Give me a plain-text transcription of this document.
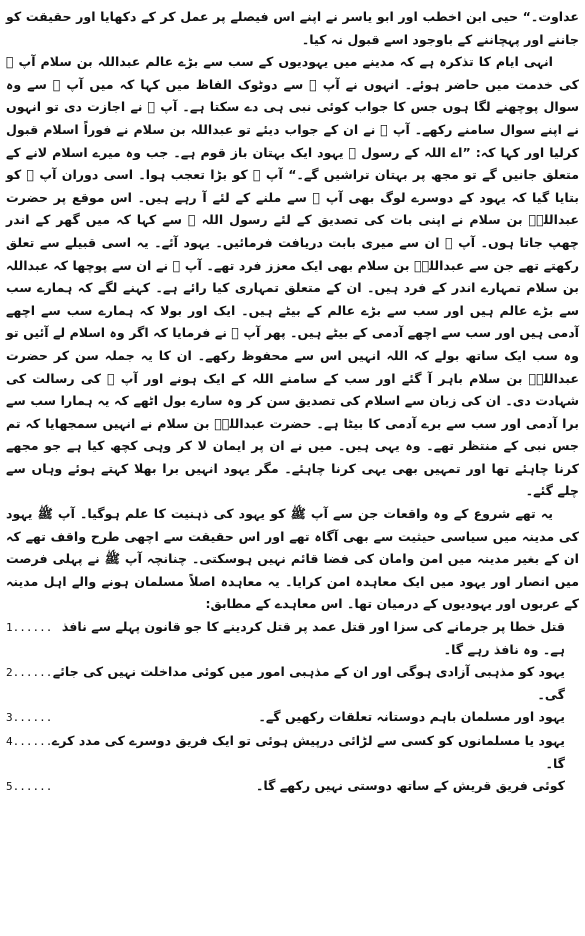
عداوت۔“ حیی ابن اخطب اور ابو یاسر نے اپنے اس فیصلے پر عمل کر کے دکھایا اور حقیقت کو جاننے اور پہچاننے کے باوجود اسے قبول نہ کیا۔

انہی ایام کا تذکرہ ہے کہ مدینے میں یہودیوں کے سب سے بڑے عالم عبداللہ بن سلام آپ ﷺ کی خدمت میں حاضر ہوئے۔ انہوں نے آپ ﷺ سے دوٹوک الفاظ میں کہا کہ میں آپ ﷺ سے وہ سوال پوچھنے لگا ہوں جس کا جواب کوئی نبی ہی دے سکتا ہے۔ آپ ﷺ نے اجازت دی تو انہوں نے اپنے سوال سامنے رکھے۔ آپ ﷺ نے ان کے جواب دیئے تو عبداللہ بن سلام نے فوراً اسلام قبول کرلیا اور کہا کہ: ”اے اللہ کے رسول ﷺ یہود ایک بہتان باز قوم ہے۔ جب وہ میرے اسلام لانے کے متعلق جانیں گے تو مجھ پر بہتان تراشیں گے۔“ آپ ﷺ کو بڑا تعجب ہوا۔ اسی دوران آپ ﷺ کو بتایا گیا کہ یہود کے دوسرے لوگ بھی آپ ﷺ سے ملنے کے لئے آ رہے ہیں۔ اس موقع پر حضرت عبداللہؓ بن سلام نے اپنی بات کی تصدیق کے لئے رسول اللہ ﷺ سے کہا کہ میں گھر کے اندر چھپ جاتا ہوں۔ آپ ﷺ ان سے میری بابت دریافت فرمائیں۔ یہود آئے۔ یہ اسی قبیلے سے تعلق رکھتے تھے جن سے عبداللہؓ بن سلام بھی ایک معزز فرد تھے۔ آپ ﷺ نے ان سے پوچھا کہ عبداللہ بن سلام تمہارے اندر کے فرد ہیں۔ ان کے متعلق تمہاری کیا رائے ہے۔ کہنے لگے کہ ہمارے سب سے بڑے عالم ہیں اور سب سے بڑے عالم کے بیٹے ہیں۔ ایک اور بولا کہ ہمارے سب سے اچھے آدمی ہیں اور سب سے اچھے آدمی کے بیٹے ہیں۔ پھر آپ ﷺ نے فرمایا کہ اگر وہ اسلام لے آئیں تو وہ سب ایک ساتھ بولے کہ اللہ انہیں اس سے محفوظ رکھے۔ ان کا یہ جملہ سن کر حضرت عبداللہؓ بن سلام باہر آ گئے اور سب کے سامنے اللہ کے ایک ہونے اور آپ ﷺ کی رسالت کی شہادت دی۔ ان کی زبان سے اسلام کی تصدیق سن کر وہ سارے بول اٹھے کہ یہ ہمارا سب سے برا آدمی اور سب سے برے آدمی کا بیٹا ہے۔ حضرت عبداللہؓ بن سلام نے انہیں سمجھایا کہ تم جس نبی کے منتظر تھے۔ وہ یہی ہیں۔ میں نے ان پر ایمان لا کر وہی کچھ کیا ہے جو مجھے کرنا چاہئے تھا اور تمہیں بھی یہی کرنا چاہئے۔ مگر یہود انہیں برا بھلا کہتے ہوئے وہاں سے چلے گئے۔

یہ تھے شروع کے وہ واقعات جن سے آپ ﷺ کو یہود کی ذہنیت کا علم ہوگیا۔ آپ ﷺ یہود کی مدینہ میں سیاسی حیثیت سے بھی آگاہ تھے اور اس حقیقت سے اچھی طرح واقف تھے کہ ان کے بغیر مدینہ میں امن وامان کی فضا قائم نہیں ہوسکتی۔ چنانچہ آپ ﷺ نے پہلی فرصت میں انصار اور یہود میں ایک معاہدہ امن کرایا۔ یہ معاہدہ اصلاً مسلمان ہونے والے اہل مدینہ کے عربوں اور یہودیوں کے درمیان تھا۔ اس معاہدے کے مطابق:

1...... قتل خطا پر جرمانے کی سزا اور قتل عمد پر قتل کردینے کا جو قانون پہلے سے نافذ ہے۔ وہ نافذ رہے گا۔
2...... یہود کو مذہبی آزادی ہوگی اور ان کے مذہبی امور میں کوئی مداخلت نہیں کی جائے گی۔
3......	یہود اور مسلمان باہم دوستانہ تعلقات رکھیں گے۔
4...... یہود یا مسلمانوں کو کسی سے لڑائی درپیش ہوئی تو ایک فریق دوسرے کی مدد کرے گا۔
5......	کوئی فریق قریش کے ساتھ دوستی نہیں رکھے گا۔
